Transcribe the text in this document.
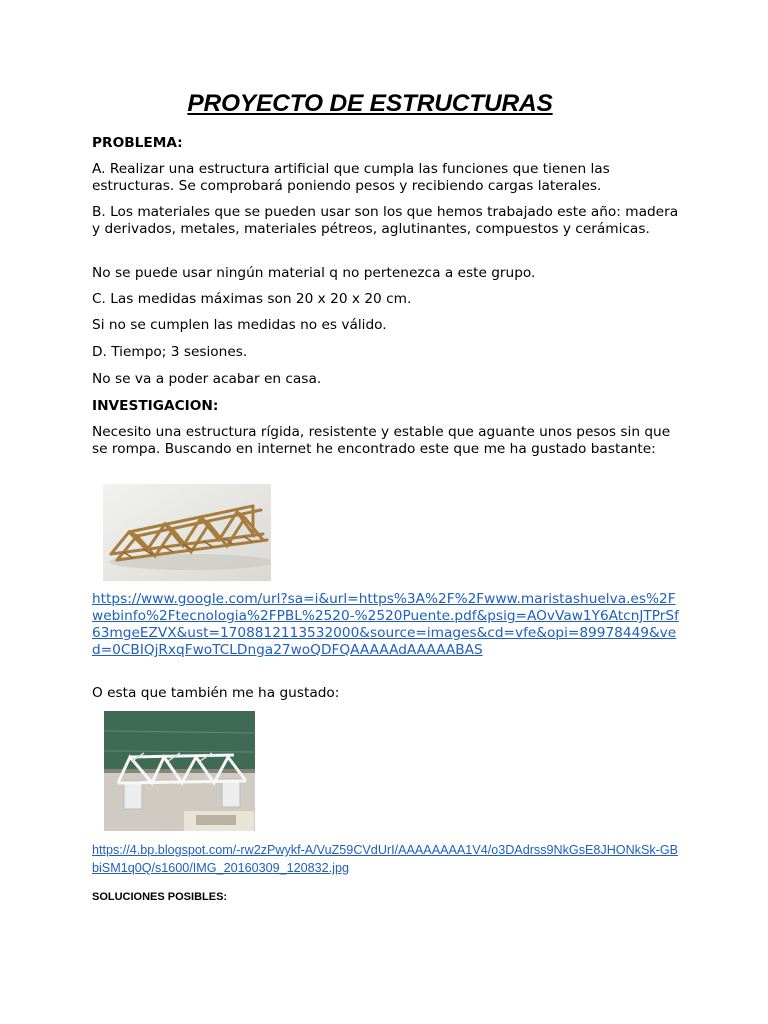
PROYECTO DE ESTRUCTURAS
PROBLEMA:
A. Realizar una estructura artificial que cumpla las funciones que tienen las estructuras. Se comprobará poniendo pesos y recibiendo cargas laterales.
B. Los materiales que se pueden usar son los que hemos trabajado este año: madera y derivados, metales, materiales pétreos, aglutinantes, compuestos y cerámicas.
No se puede usar ningún material q no pertenezca a este grupo.
C. Las medidas máximas son 20 x 20 x 20 cm.
Si no se cumplen las medidas no es válido.
D. Tiempo; 3 sesiones.
No se va a poder acabar en casa.
INVESTIGACION:
Necesito una estructura rígida, resistente y estable que aguante unos pesos sin que se rompa. Buscando en internet he encontrado este que me ha gustado bastante:
https://www.google.com/url?sa=i&url=https%3A%2F%2Fwww.maristashuelva.es%2Fwebinfo%2Ftecnologia%2FPBL%2520-%2520Puente.pdf&psig=AOvVaw1Y6AtcnJTPrSf63mgeEZVX&ust=1708812113532000&source=images&cd=vfe&opi=89978449&ved=0CBIQjRxqFwoTCLDnga27woQDFQAAAAAdAAAAABAS
O esta que también me ha gustado:
https://4.bp.blogspot.com/-rw2zPwykf-A/VuZ59CVdUrI/AAAAAAAA1V4/o3DAdrss9NkGsE8JHONkSk-GBbiSM1q0Q/s1600/IMG_20160309_120832.jpg
SOLUCIONES POSIBLES:
